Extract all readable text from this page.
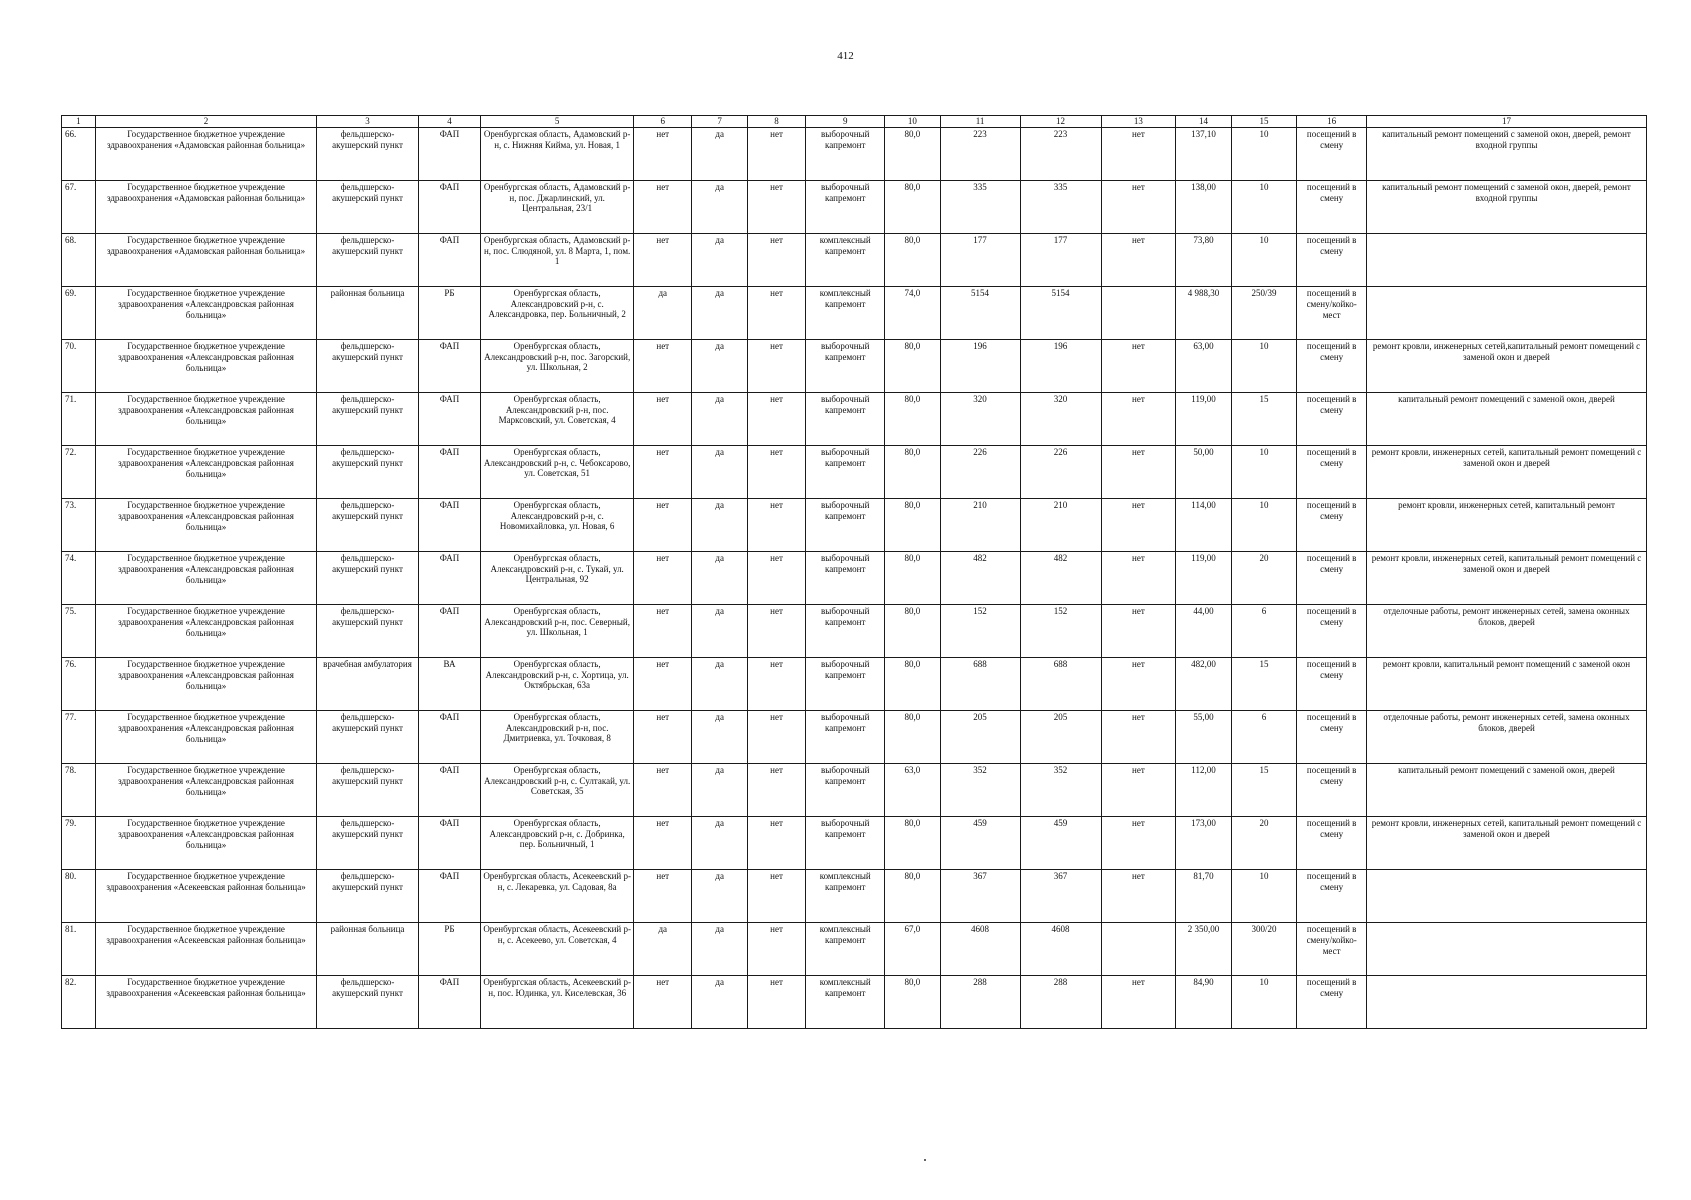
412
1	2	3	4	5	6	7	8	9	10	11	12	13	14	15	16	17
66.	Государственное бюджетное учреждение здравоохранения «Адамовская районная больница»	фельдшерско-акушерский пункт	ФАП	Оренбургская область, Адамовский р-н, с. Нижняя Кийма, ул. Новая, 1	нет	да	нет	выборочный капремонт	80,0	223	223	нет	137,10	10	посещений в смену	капитальный ремонт помещений с заменой окон, дверей, ремонт входной группы
67.	Государственное бюджетное учреждение здравоохранения «Адамовская районная больница»	фельдшерско-акушерский пункт	ФАП	Оренбургская область, Адамовский р-н, пос. Джарлинский, ул. Центральная, 23/1	нет	да	нет	выборочный капремонт	80,0	335	335	нет	138,00	10	посещений в смену	капитальный ремонт помещений с заменой окон, дверей, ремонт входной группы
68.	Государственное бюджетное учреждение здравоохранения «Адамовская районная больница»	фельдшерско-акушерский пункт	ФАП	Оренбургская область, Адамовский р-н, пос. Слюдяной, ул. 8 Марта, 1, пом. 1	нет	да	нет	комплексный капремонт	80,0	177	177	нет	73,80	10	посещений в смену	
69.	Государственное бюджетное учреждение здравоохранения «Александровская районная больница»	районная больница	РБ	Оренбургская область, Александровский р-н, с. Александровка, пер. Больничный, 2	да	да	нет	комплексный капремонт	74,0	5154	5154		4 988,30	250/39	посещений в смену/койко-мест	
70.	Государственное бюджетное учреждение здравоохранения «Александровская районная больница»	фельдшерско-акушерский пункт	ФАП	Оренбургская область, Александровский р-н, пос. Загорский, ул. Школьная, 2	нет	да	нет	выборочный капремонт	80,0	196	196	нет	63,00	10	посещений в смену	ремонт кровли, инженерных сетей,капитальный ремонт помещений с заменой окон и дверей
71.	Государственное бюджетное учреждение здравоохранения «Александровская районная больница»	фельдшерско-акушерский пункт	ФАП	Оренбургская область, Александровский р-н, пос. Марксовский, ул. Советская, 4	нет	да	нет	выборочный капремонт	80,0	320	320	нет	119,00	15	посещений в смену	капитальный ремонт помещений с заменой окон, дверей
72.	Государственное бюджетное учреждение здравоохранения «Александровская районная больница»	фельдшерско-акушерский пункт	ФАП	Оренбургская область, Александровский р-н, с. Чебоксарово, ул. Советская, 51	нет	да	нет	выборочный капремонт	80,0	226	226	нет	50,00	10	посещений в смену	ремонт кровли, инженерных сетей, капитальный ремонт помещений с заменой окон и дверей
73.	Государственное бюджетное учреждение здравоохранения «Александровская районная больница»	фельдшерско-акушерский пункт	ФАП	Оренбургская область, Александровский р-н, с. Новомихайловка, ул. Новая, 6	нет	да	нет	выборочный капремонт	80,0	210	210	нет	114,00	10	посещений в смену	ремонт кровли, инженерных сетей, капитальный ремонт
74.	Государственное бюджетное учреждение здравоохранения «Александровская районная больница»	фельдшерско-акушерский пункт	ФАП	Оренбургская область, Александровский р-н, с. Тукай, ул. Центральная, 92	нет	да	нет	выборочный капремонт	80,0	482	482	нет	119,00	20	посещений в смену	ремонт кровли, инженерных сетей, капитальный ремонт помещений с заменой окон и дверей
75.	Государственное бюджетное учреждение здравоохранения «Александровская районная больница»	фельдшерско-акушерский пункт	ФАП	Оренбургская область, Александровский р-н, пос. Северный, ул. Школьная, 1	нет	да	нет	выборочный капремонт	80,0	152	152	нет	44,00	6	посещений в смену	отделочные работы, ремонт инженерных сетей, замена оконных блоков, дверей
76.	Государственное бюджетное учреждение здравоохранения «Александровская районная больница»	врачебная амбулатория	ВА	Оренбургская область, Александровский р-н, с. Хортица, ул. Октябрьская, 63а	нет	да	нет	выборочный капремонт	80,0	688	688	нет	482,00	15	посещений в смену	ремонт кровли, капитальный ремонт помещений с заменой окон
77.	Государственное бюджетное учреждение здравоохранения «Александровская районная больница»	фельдшерско-акушерский пункт	ФАП	Оренбургская область, Александровский р-н, пос. Дмитриевка, ул. Точковая, 8	нет	да	нет	выборочный капремонт	80,0	205	205	нет	55,00	6	посещений в смену	отделочные работы, ремонт инженерных сетей, замена оконных блоков, дверей
78.	Государственное бюджетное учреждение здравоохранения «Александровская районная больница»	фельдшерско-акушерский пункт	ФАП	Оренбургская область, Александровский р-н, с. Султакай, ул. Советская, 35	нет	да	нет	выборочный капремонт	63,0	352	352	нет	112,00	15	посещений в смену	капитальный ремонт помещений с заменой окон, дверей
79.	Государственное бюджетное учреждение здравоохранения «Александровская районная больница»	фельдшерско-акушерский пункт	ФАП	Оренбургская область, Александровский р-н, с. Добринка, пер. Больничный, 1	нет	да	нет	выборочный капремонт	80,0	459	459	нет	173,00	20	посещений в смену	ремонт кровли, инженерных сетей, капитальный ремонт помещений с заменой окон и дверей
80.	Государственное бюджетное учреждение здравоохранения «Асекеевская районная больница»	фельдшерско-акушерский пункт	ФАП	Оренбургская область, Асекеевский р-н, с. Лекаревка, ул. Садовая, 8а	нет	да	нет	комплексный капремонт	80,0	367	367	нет	81,70	10	посещений в смену	
81.	Государственное бюджетное учреждение здравоохранения «Асекеевская районная больница»	районная больница	РБ	Оренбургская область, Асекеевский р-н, с. Асекеево, ул. Советская, 4	да	да	нет	комплексный капремонт	67,0	4608	4608		2 350,00	300/20	посещений в смену/койко-мест	
82.	Государственное бюджетное учреждение здравоохранения «Асекеевская районная больница»	фельдшерско-акушерский пункт	ФАП	Оренбургская область, Асекеевский р-н, пос. Юдинка, ул. Киселевская, 36	нет	да	нет	комплексный капремонт	80,0	288	288	нет	84,90	10	посещений в смену	
